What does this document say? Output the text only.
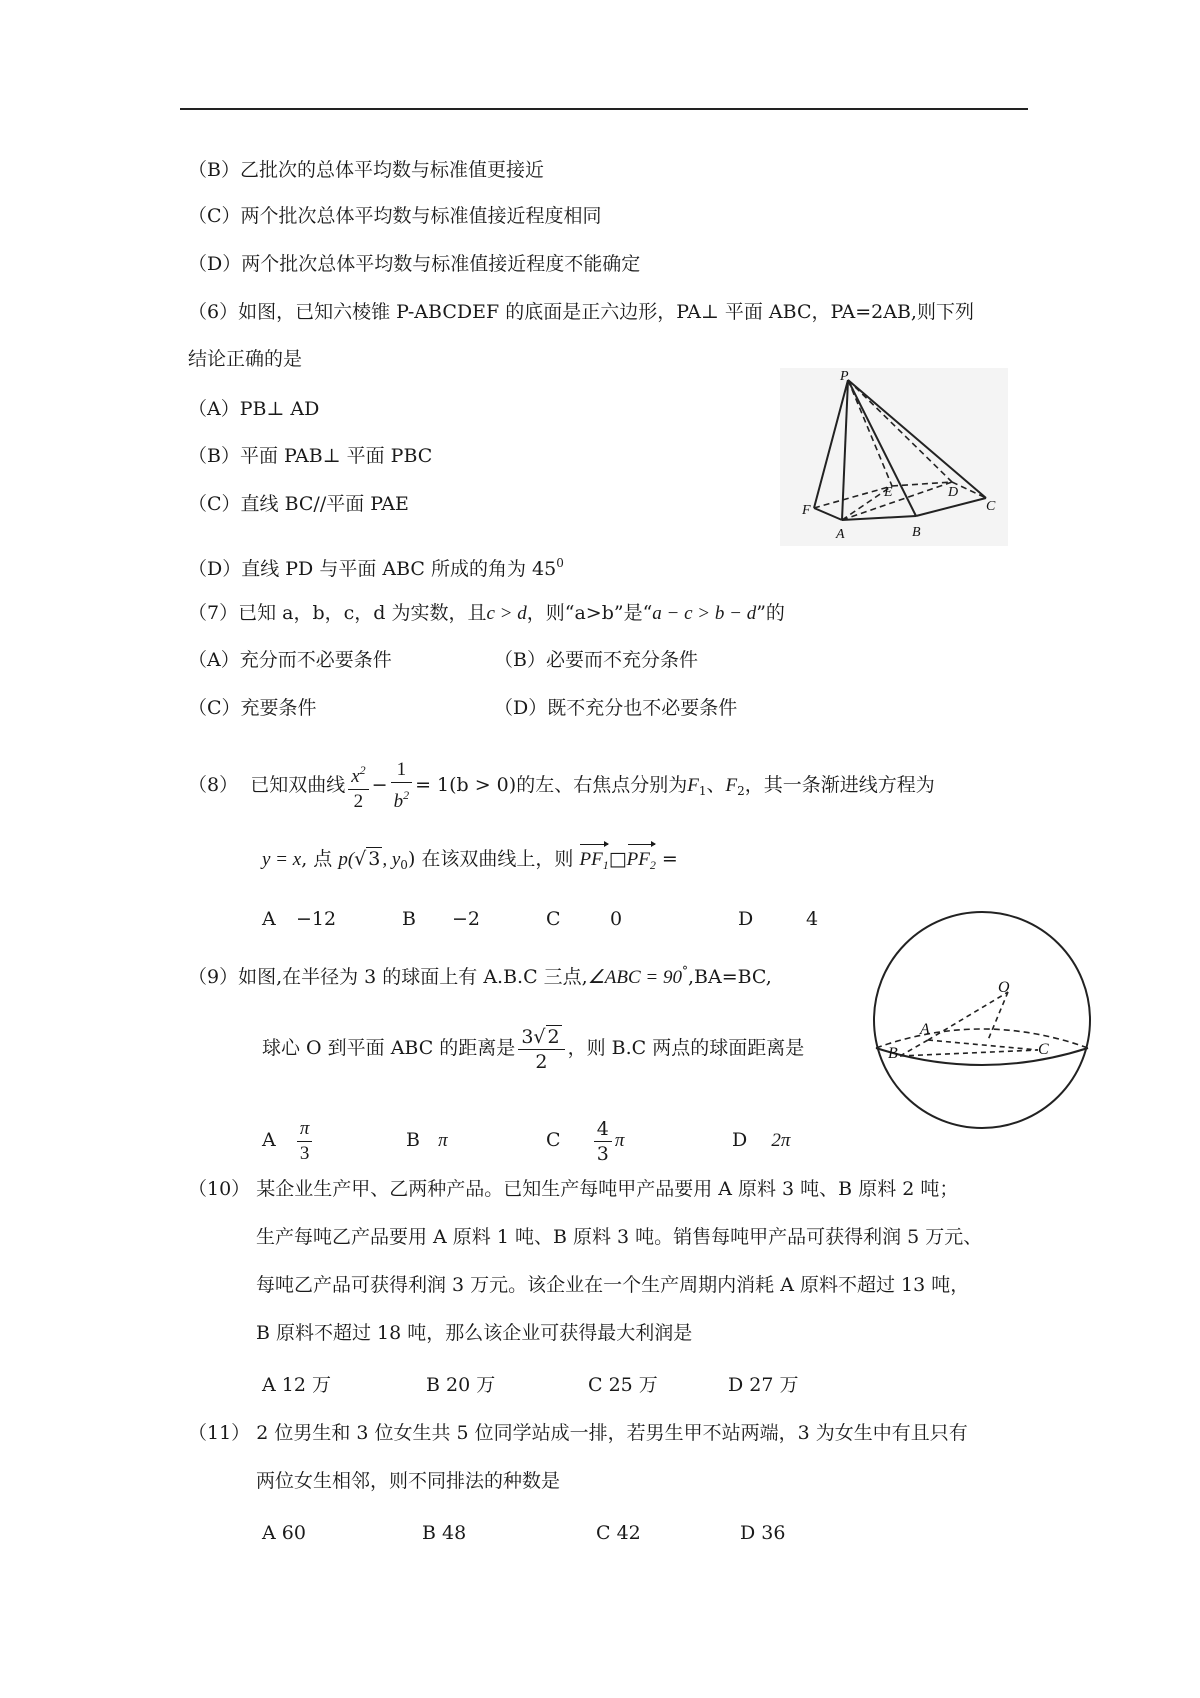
（B）乙批次的总体平均数与标准值更接近
（C）两个批次总体平均数与标准值接近程度相同
（D）两个批次总体平均数与标准值接近程度不能确定
（6）如图，已知六棱锥 P-ABCDEF 的底面是正六边形，PA⊥ 平面 ABC，PA=2AB,则下列
结论正确的是
（A）PB⊥ AD
（B）平面 PAB⊥ 平面 PBC
（C）直线 BC//平面 PAE
（D）直线 PD 与平面 ABC 所成的角为 $45^0$
P
E	D
C
F
A	B
（7）已知 a，b，c，d 为实数，且c > d，则“a>b”是“a − c > b − d”的
（A）充分而不必要条件	（B）必要而不充分条件
（C）充要条件	（D）既不充分也不必要条件
（8） 已知双曲线 $\frac{x^2}{2} - \frac{1}{b^2} = 1(b > 0)$的左、右焦点分别为$F_1$、$F_2$，其一条渐进线方程为
y = x, 点 p(√ 3 , $y_0$) 在该双曲线上，则 $PF_1□PF_2$ =
A −12	B −2	C	0	D	4
（9）如图,在半径为 3 的球面上有 A.B.C 三点,∠ABC = 90°,BA=BC,
球心 O 到平面 ABC 的距离是 $\frac{3√ 2}{2}$ ，则 B.C 两点的球面距离是
A $\frac{\pi}{3}$	B π	C $\frac{4}{3}$ π	D 2π
O
A
B	C
（10） 某企业生产甲、乙两种产品。已知生产每吨甲产品要用 A 原料 3 吨、B 原料 2 吨；
生产每吨乙产品要用 A 原料 1 吨、B 原料 3 吨。销售每吨甲产品可获得利润 5 万元、
每吨乙产品可获得利润 3 万元。该企业在一个生产周期内消耗 A 原料不超过 13 吨，
B 原料不超过 18 吨，那么该企业可获得最大利润是
A 12 万	B 20 万	C 25 万	D 27 万
（11） 2 位男生和 3 位女生共 5 位同学站成一排，若男生甲不站两端，3 为女生中有且只有
两位女生相邻，则不同排法的种数是
A 60	B 48	C 42	D 36
